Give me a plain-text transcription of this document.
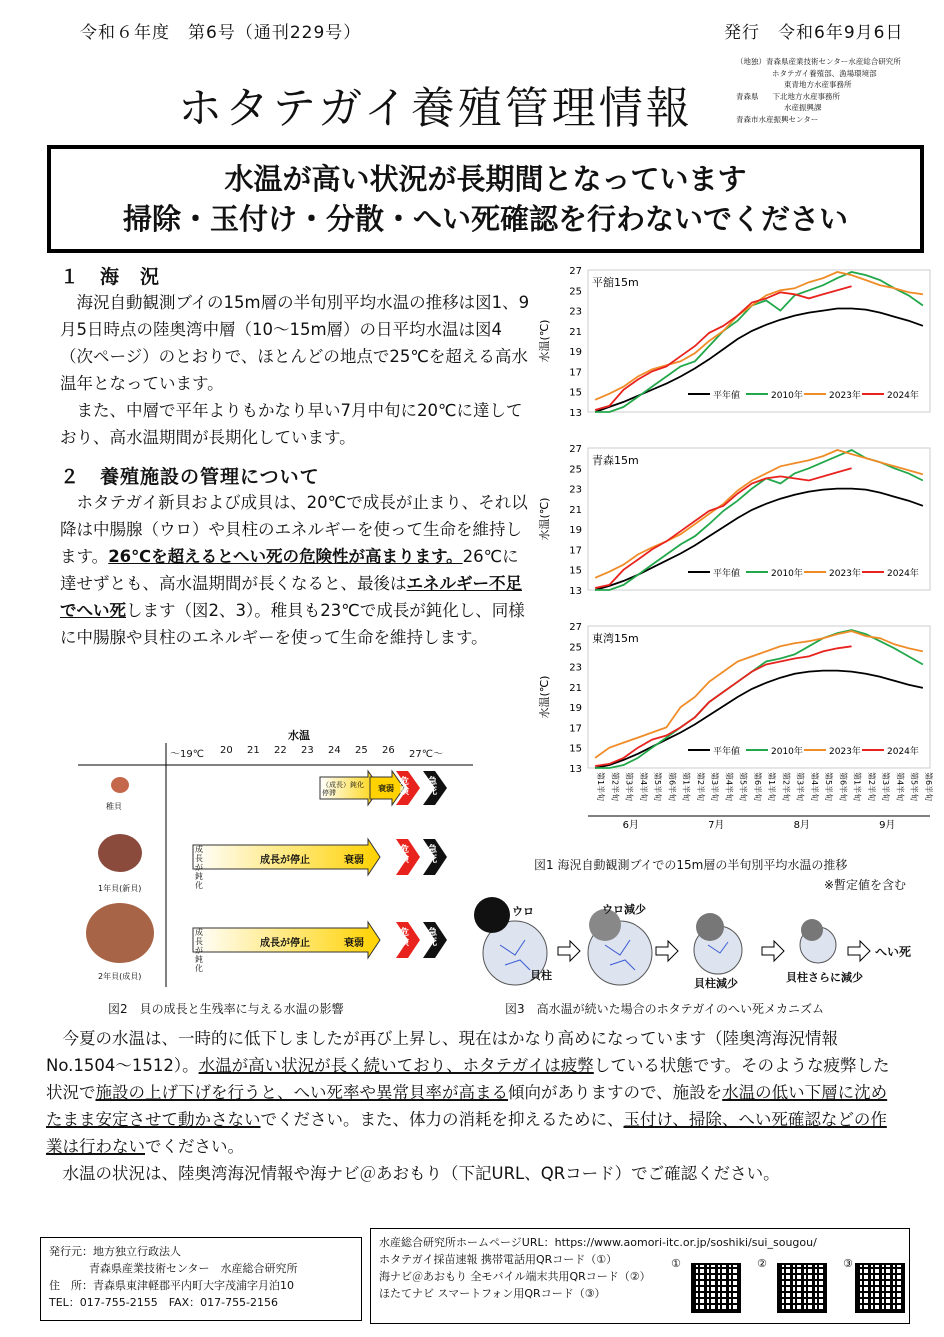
令和６年度　第6号（通刊229号）	発行　令和6年9月6日
ホタテガイ養殖管理情報
（地独）青森県産業技術センター水産総合研究所
ホタテガイ養殖部、漁場環境部
東青地方水産事務所
青森県 下北地方水産事務所
水産振興課
青森市水産振興センター
水温が高い状況が長期間となっています
掃除・玉付け・分散・へい死確認を行わないでください
１　海　況

海況自動観測ブイの15m層の半旬別平均水温の推移は図1、9月5日時点の陸奥湾中層（10～15m層）の日平均水温は図4（次ページ）のとおりで、ほとんどの地点で25℃を超える高水温年となっています。

また、中層で平年よりもかなり早い7月中旬に20℃に達しており、高水温期間が長期化しています。

２　養殖施設の管理について

ホタテガイ新貝および成貝は、20℃で成長が止まり、それ以降は中腸腺（ウロ）や貝柱のエネルギーを使って生命を維持します。26℃を超えるとへい死の危険性が高まります。26℃に達せずとも、高水温期間が長くなると、最後はエネルギー不足でへい死します（図2、3）。稚貝も23℃で成長が鈍化し、同様に中腸腺や貝柱のエネルギーを使って生命を維持します。

13
15
17
19
21
23
25
27
水温(℃)
平舘15m
平年値	2010年	2023年	2024年
13
15
17
19
21
23
25
27
水温(℃)
青森15m
平年値	2010年	2023年	2024年
13
15
17
19
21
23
25
27
水温(℃)
東湾15m
平年値	2010年	2023年	2024年
第1半旬 第2半旬 第3半旬 第4半旬 第5半旬 第6半旬 第1半旬 第2半旬 第3半旬 第4半旬 第5半旬 第6半旬 第1半旬 第2半旬 第3半旬 第4半旬 第5半旬 第6半旬 第1半旬 第2半旬 第3半旬 第4半旬 第5半旬 第6半旬
6月	7月	8月	9月
図1 海況自動観測ブイでの15m層の半旬別平均水温の推移
※暫定値を含む
水温
～19℃ 20 21 22 23 24 25 26 27℃～
稚貝
1年貝(新貝)
2年貝(成貝)
（成長）鈍化 停滞	衰弱
危険
急死
成長が鈍化
成長が停止	衰弱
危険
急死
成長が鈍化
成長が停止	衰弱
危険
急死
図2　貝の成長と生残率に与える水温の影響
ウロ
貝柱
ウロ減少
貝柱減少	貝柱さらに減少
へい死
図3　高水温が続いた場合のホタテガイのへい死メカニズム

今夏の水温は、一時的に低下しましたが再び上昇し、現在はかなり高めになっています（陸奥湾海況情報No.1504～1512）。水温が高い状況が長く続いており、ホタテガイは疲弊している状態です。そのような疲弊した状況で施設の上げ下げを行うと、へい死率や異常貝率が高まる傾向がありますので、施設を水温の低い下層に沈めたまま安定させて動かさないでください。また、体力の消耗を抑えるために、玉付け、掃除、へい死確認などの作業は行わないでください。

水温の状況は、陸奥湾海況情報や海ナビ＠あおもり（下記URL、QRコード）でご確認ください。

発行元：地方独立行政法人
青森県産業技術センター　水産総合研究所
住　所：青森県東津軽郡平内町大字茂浦字月泊10
TEL：017-755-2155　FAX：017-755-2156
水産総合研究所ホームページURL：https://www.aomori-itc.or.jp/soshiki/sui_sougou/
ホタテガイ採苗速報 携帯電話用QRコード（①）
海ナビ＠あおもり 全モバイル端末共用QRコード（②）
ほたてナビ スマートフォン用QRコード（③）
①	②	③
